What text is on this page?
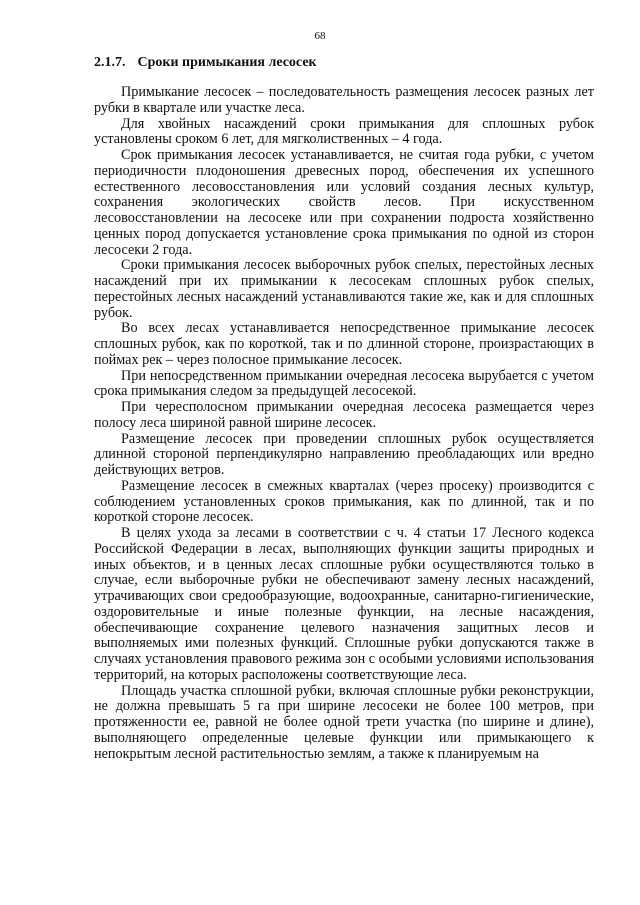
68
2.1.7. Сроки примыкания лесосек

Примыкание лесосек – последовательность размещения лесосек разных лет рубки в квартале или участке леса.

Для хвойных насаждений сроки примыкания для сплошных рубок установлены сроком 6 лет, для мягколиственных – 4 года.

Срок примыкания лесосек устанавливается, не считая года рубки, с учетом периодичности плодоношения древесных пород, обеспечения их успешного естественного лесовосстановления или условий создания лесных культур, сохранения экологических свойств лесов. При искусственном лесовосстановлении на лесосеке или при сохранении подроста хозяйственно ценных пород допускается установление срока примыкания по одной из сторон лесосеки 2 года.

Сроки примыкания лесосек выборочных рубок спелых, перестойных лесных насаждений при их примыкании к лесосекам сплошных рубок спелых, перестойных лесных насаждений устанавливаются такие же, как и для сплошных рубок.

Во всех лесах устанавливается непосредственное примыкание лесосек сплошных рубок, как по короткой, так и по длинной стороне, произрастающих в поймах рек – через полосное примыкание лесосек.

При непосредственном примыкании очередная лесосека вырубается с учетом срока примыкания следом за предыдущей лесосекой.

При чересполосном примыкании очередная лесосека размещается через полосу леса шириной равной ширине лесосек.

Размещение лесосек при проведении сплошных рубок осуществляется длинной стороной перпендикулярно направлению преобладающих или вредно действующих ветров.

Размещение лесосек в смежных кварталах (через просеку) производится с соблюдением установленных сроков примыкания, как по длинной, так и по короткой стороне лесосек.

В целях ухода за лесами в соответствии с ч. 4 статьи 17 Лесного кодекса Российской Федерации в лесах, выполняющих функции защиты природных и иных объектов, и в ценных лесах сплошные рубки осуществляются только в случае, если выборочные рубки не обеспечивают замену лесных насаждений, утрачивающих свои средообразующие, водоохранные, санитарно-гигиенические, оздоровительные и иные полезные функции, на лесные насаждения, обеспечивающие сохранение целевого назначения защитных лесов и выполняемых ими полезных функций. Сплошные рубки допускаются также в случаях установления правового режима зон с особыми условиями использования территорий, на которых расположены соответствующие леса.

Площадь участка сплошной рубки, включая сплошные рубки реконструкции, не должна превышать 5 га при ширине лесосеки не более 100 метров, при протяженности ее, равной не более одной трети участка (по ширине и длине), выполняющего определенные целевые функции или примыкающего к непокрытым лесной растительностью землям, а также к планируемым на
